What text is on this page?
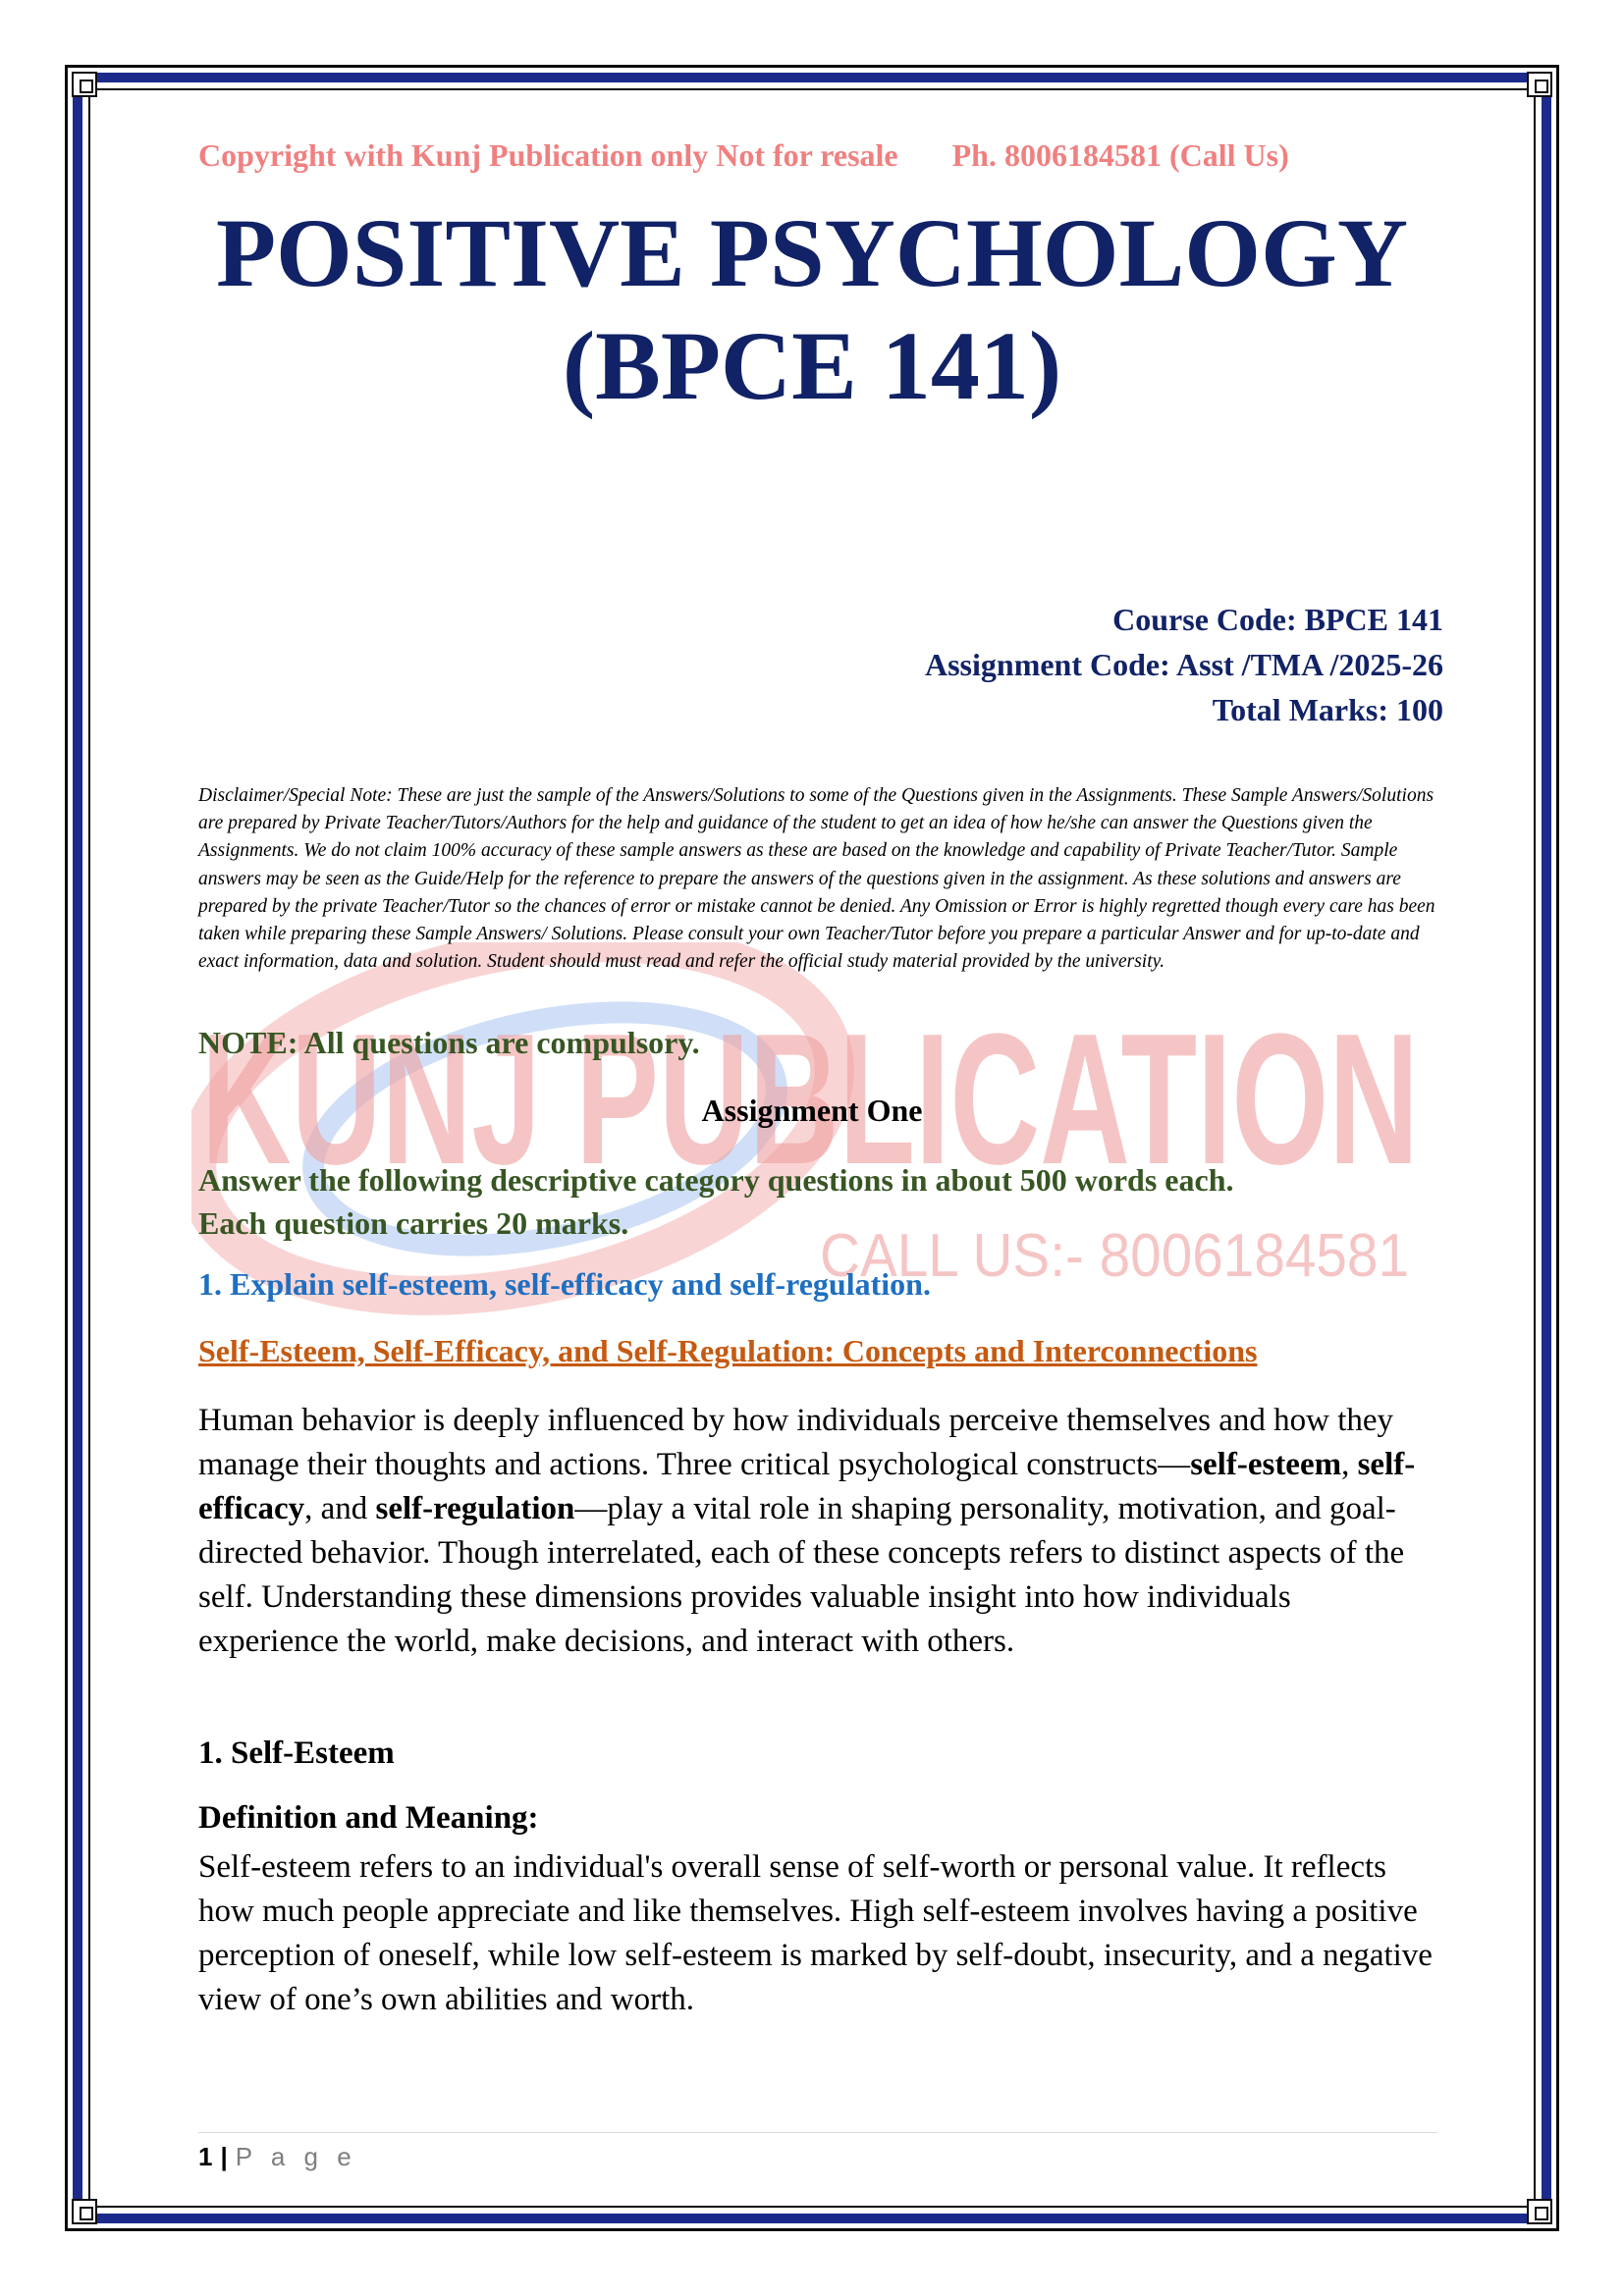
KUNJ PUBLICATION
CALL US:- 8006184581
Copyright with Kunj Publication only Not for resale Ph. 8006184581 (Call Us)
POSITIVE PSYCHOLOGY
(BPCE 141)
Course Code: BPCE 141
Assignment Code: Asst /TMA /2025-26
Total Marks: 100
Disclaimer/Special Note: These are just the sample of the Answers/Solutions to some of the Questions given in the Assignments. These Sample Answers/Solutions are prepared by Private Teacher/Tutors/Authors for the help and guidance of the student to get an idea of how he/she can answer the Questions given the Assignments. We do not claim 100% accuracy of these sample answers as these are based on the knowledge and capability of Private Teacher/Tutor. Sample answers may be seen as the Guide/Help for the reference to prepare the answers of the questions given in the assignment. As these solutions and answers are prepared by the private Teacher/Tutor so the chances of error or mistake cannot be denied. Any Omission or Error is highly regretted though every care has been taken while preparing these Sample Answers/ Solutions. Please consult your own Teacher/Tutor before you prepare a particular Answer and for up-to-date and exact information, data and solution. Student should must read and refer the official study material provided by the university.
NOTE: All questions are compulsory.
Assignment One
Answer the following descriptive category questions in about 500 words each.
Each question carries 20 marks.
1. Explain self-esteem, self-efficacy and self-regulation.
Self-Esteem, Self-Efficacy, and Self-Regulation: Concepts and Interconnections
Human behavior is deeply influenced by how individuals perceive themselves and how they manage their thoughts and actions. Three critical psychological constructs—self-esteem, self-efficacy, and self-regulation—play a vital role in shaping personality, motivation, and goal-directed behavior. Though interrelated, each of these concepts refers to distinct aspects of the self. Understanding these dimensions provides valuable insight into how individuals experience the world, make decisions, and interact with others.
1. Self-Esteem
Definition and Meaning:
Self-esteem refers to an individual's overall sense of self-worth or personal value. It reflects how much people appreciate and like themselves. High self-esteem involves having a positive perception of oneself, while low self-esteem is marked by self-doubt, insecurity, and a negative view of one’s own abilities and worth.
1 | P a g e
